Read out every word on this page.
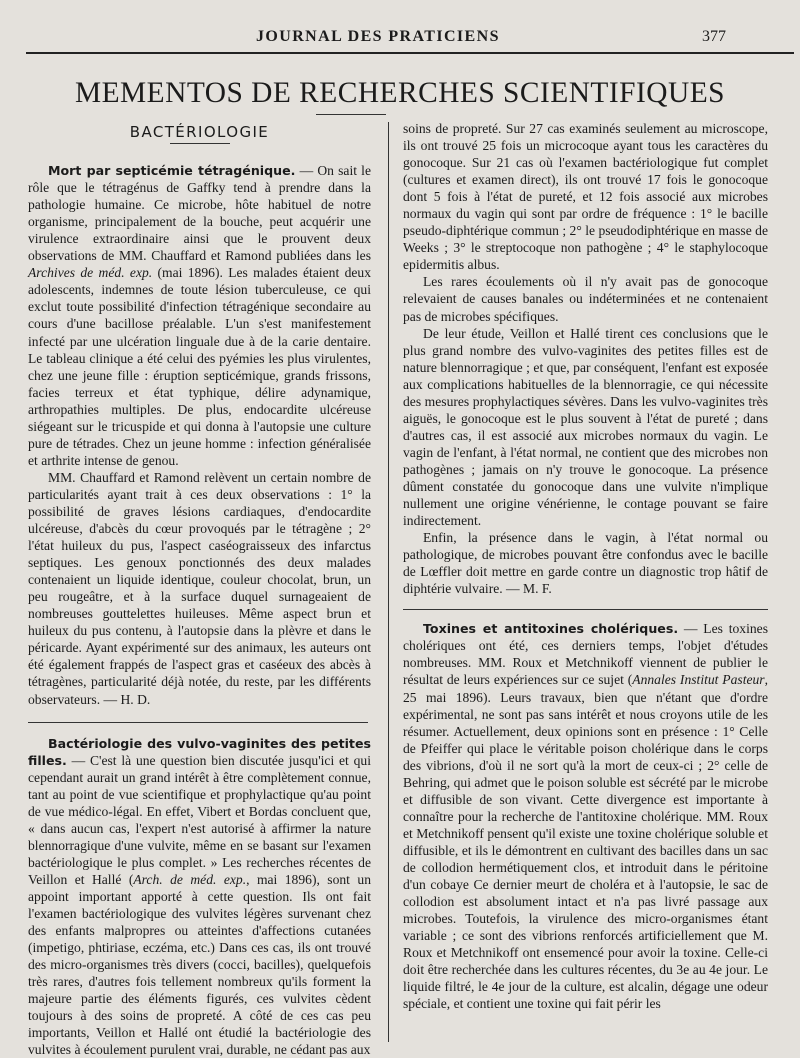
JOURNAL DES PRATICIENS	377
MEMENTOS DE RECHERCHES SCIENTIFIQUES
BACTÉRIOLOGIE

Mort par septicémie tétragénique. — On sait le rôle que le tétragénus de Gaffky tend à prendre dans la pathologie humaine. Ce microbe, hôte habituel de notre organisme, principalement de la bouche, peut acquérir une virulence extraordinaire ainsi que le prouvent deux observations de MM. Chauffard et Ramond publiées dans les Archives de méd. exp. (mai 1896). Les malades étaient deux adolescents, indemnes de toute lésion tuberculeuse, ce qui exclut toute possibilité d'infection tétragénique secondaire au cours d'une bacillose préalable. L'un s'est manifestement infecté par une ulcération linguale due à de la carie dentaire. Le tableau clinique a été celui des pyémies les plus virulentes, chez une jeune fille : éruption septicémique, grands frissons, facies terreux et état typhique, délire adynamique, arthropathies multiples. De plus, endocardite ulcéreuse siégeant sur le tricuspide et qui donna à l'autopsie une culture pure de tétrades. Chez un jeune homme : infection généralisée et arthrite intense de genou.

MM. Chauffard et Ramond relèvent un certain nombre de particularités ayant trait à ces deux observations : 1° la possibilité de graves lésions cardiaques, d'endocardite ulcéreuse, d'abcès du cœur provoqués par le tétragène ; 2° l'état huileux du pus, l'aspect caséograisseux des infarctus septiques. Les genoux ponctionnés des deux malades contenaient un liquide identique, couleur chocolat, brun, un peu rougeâtre, et à la surface duquel surnageaient de nombreuses gouttelettes huileuses. Même aspect brun et huileux du pus contenu, à l'autopsie dans la plèvre et dans le péricarde. Ayant expérimenté sur des animaux, les auteurs ont été également frappés de l'aspect gras et caséeux des abcès à tétragènes, particularité déjà notée, du reste, par les différents observateurs. — H. D.

Bactériologie des vulvo-vaginites des petites filles. — C'est là une question bien discutée jusqu'ici et qui cependant aurait un grand intérêt à être complètement connue, tant au point de vue scientifique et prophylactique qu'au point de vue médico-légal. En effet, Vibert et Bordas concluent que, « dans aucun cas, l'expert n'est autorisé à affirmer la nature blennorragique d'une vulvite, même en se basant sur l'examen bactériologique le plus complet. » Les recherches récentes de Veillon et Hallé (Arch. de méd. exp., mai 1896), sont un appoint important apporté à cette question. Ils ont fait l'examen bactériologique des vulvites légères survenant chez des enfants malpropres ou atteintes d'affections cutanées (impetigo, phtiriase, eczéma, etc.) Dans ces cas, ils ont trouvé des micro-organismes très divers (cocci, bacilles), quelquefois très rares, d'autres fois tellement nombreux qu'ils forment la majeure partie des éléments figurés, ces vulvites cèdent toujours à des soins de propreté. A côté de ces cas peu importants, Veillon et Hallé ont étudié la bactériologie des vulvites à écoulement purulent vrai, durable, ne cédant pas aux

soins de propreté. Sur 27 cas examinés seulement au microscope, ils ont trouvé 25 fois un microcoque ayant tous les caractères du gonocoque. Sur 21 cas où l'examen bactériologique fut complet (cultures et examen direct), ils ont trouvé 17 fois le gonocoque dont 5 fois à l'état de pureté, et 12 fois associé aux microbes normaux du vagin qui sont par ordre de fréquence : 1° le bacille pseudo-diphtérique commun ; 2° le pseudodiphtérique en masse de Weeks ; 3° le streptocoque non pathogène ; 4° le staphylocoque epidermitis albus.

Les rares écoulements où il n'y avait pas de gonocoque relevaient de causes banales ou indéterminées et ne contenaient pas de microbes spécifiques.

De leur étude, Veillon et Hallé tirent ces conclusions que le plus grand nombre des vulvo-vaginites des petites filles est de nature blennorragique ; et que, par conséquent, l'enfant est exposée aux complications habituelles de la blennorragie, ce qui nécessite des mesures prophylactiques sévères. Dans les vulvo-vaginites très aiguës, le gonocoque est le plus souvent à l'état de pureté ; dans d'autres cas, il est associé aux microbes normaux du vagin. Le vagin de l'enfant, à l'état normal, ne contient que des microbes non pathogènes ; jamais on n'y trouve le gonocoque. La présence dûment constatée du gonocoque dans une vulvite n'implique nullement une origine vénérienne, le contage pouvant se faire indirectement.

Enfin, la présence dans le vagin, à l'état normal ou pathologique, de microbes pouvant être confondus avec le bacille de Lœffler doit mettre en garde contre un diagnostic trop hâtif de diphtérie vulvaire. — M. F.

Toxines et antitoxines cholériques. — Les toxines cholériques ont été, ces derniers temps, l'objet d'études nombreuses. MM. Roux et Metchnikoff viennent de publier le résultat de leurs expériences sur ce sujet (Annales Institut Pasteur, 25 mai 1896). Leurs travaux, bien que n'étant que d'ordre expérimental, ne sont pas sans intérêt et nous croyons utile de les résumer. Actuellement, deux opinions sont en présence : 1° Celle de Pfeiffer qui place le véritable poison cholérique dans le corps des vibrions, d'où il ne sort qu'à la mort de ceux-ci ; 2° celle de Behring, qui admet que le poison soluble est sécrété par le microbe et diffusible de son vivant. Cette divergence est importante à connaître pour la recherche de l'antitoxine cholérique. MM. Roux et Metchnikoff pensent qu'il existe une toxine cholérique soluble et diffusible, et ils le démontrent en cultivant des bacilles dans un sac de collodion hermétiquement clos, et introduit dans le péritoine d'un cobaye Ce dernier meurt de choléra et à l'autopsie, le sac de collodion est absolument intact et n'a pas livré passage aux microbes. Toutefois, la virulence des micro-organismes étant variable ; ce sont des vibrions renforcés artificiellement que M. Roux et Metchnikoff ont ensemencé pour avoir la toxine. Celle-ci doit être recherchée dans les cultures récentes, du 3e au 4e jour. Le liquide filtré, le 4e jour de la culture, est alcalin, dégage une odeur spéciale, et contient une toxine qui fait périr les
